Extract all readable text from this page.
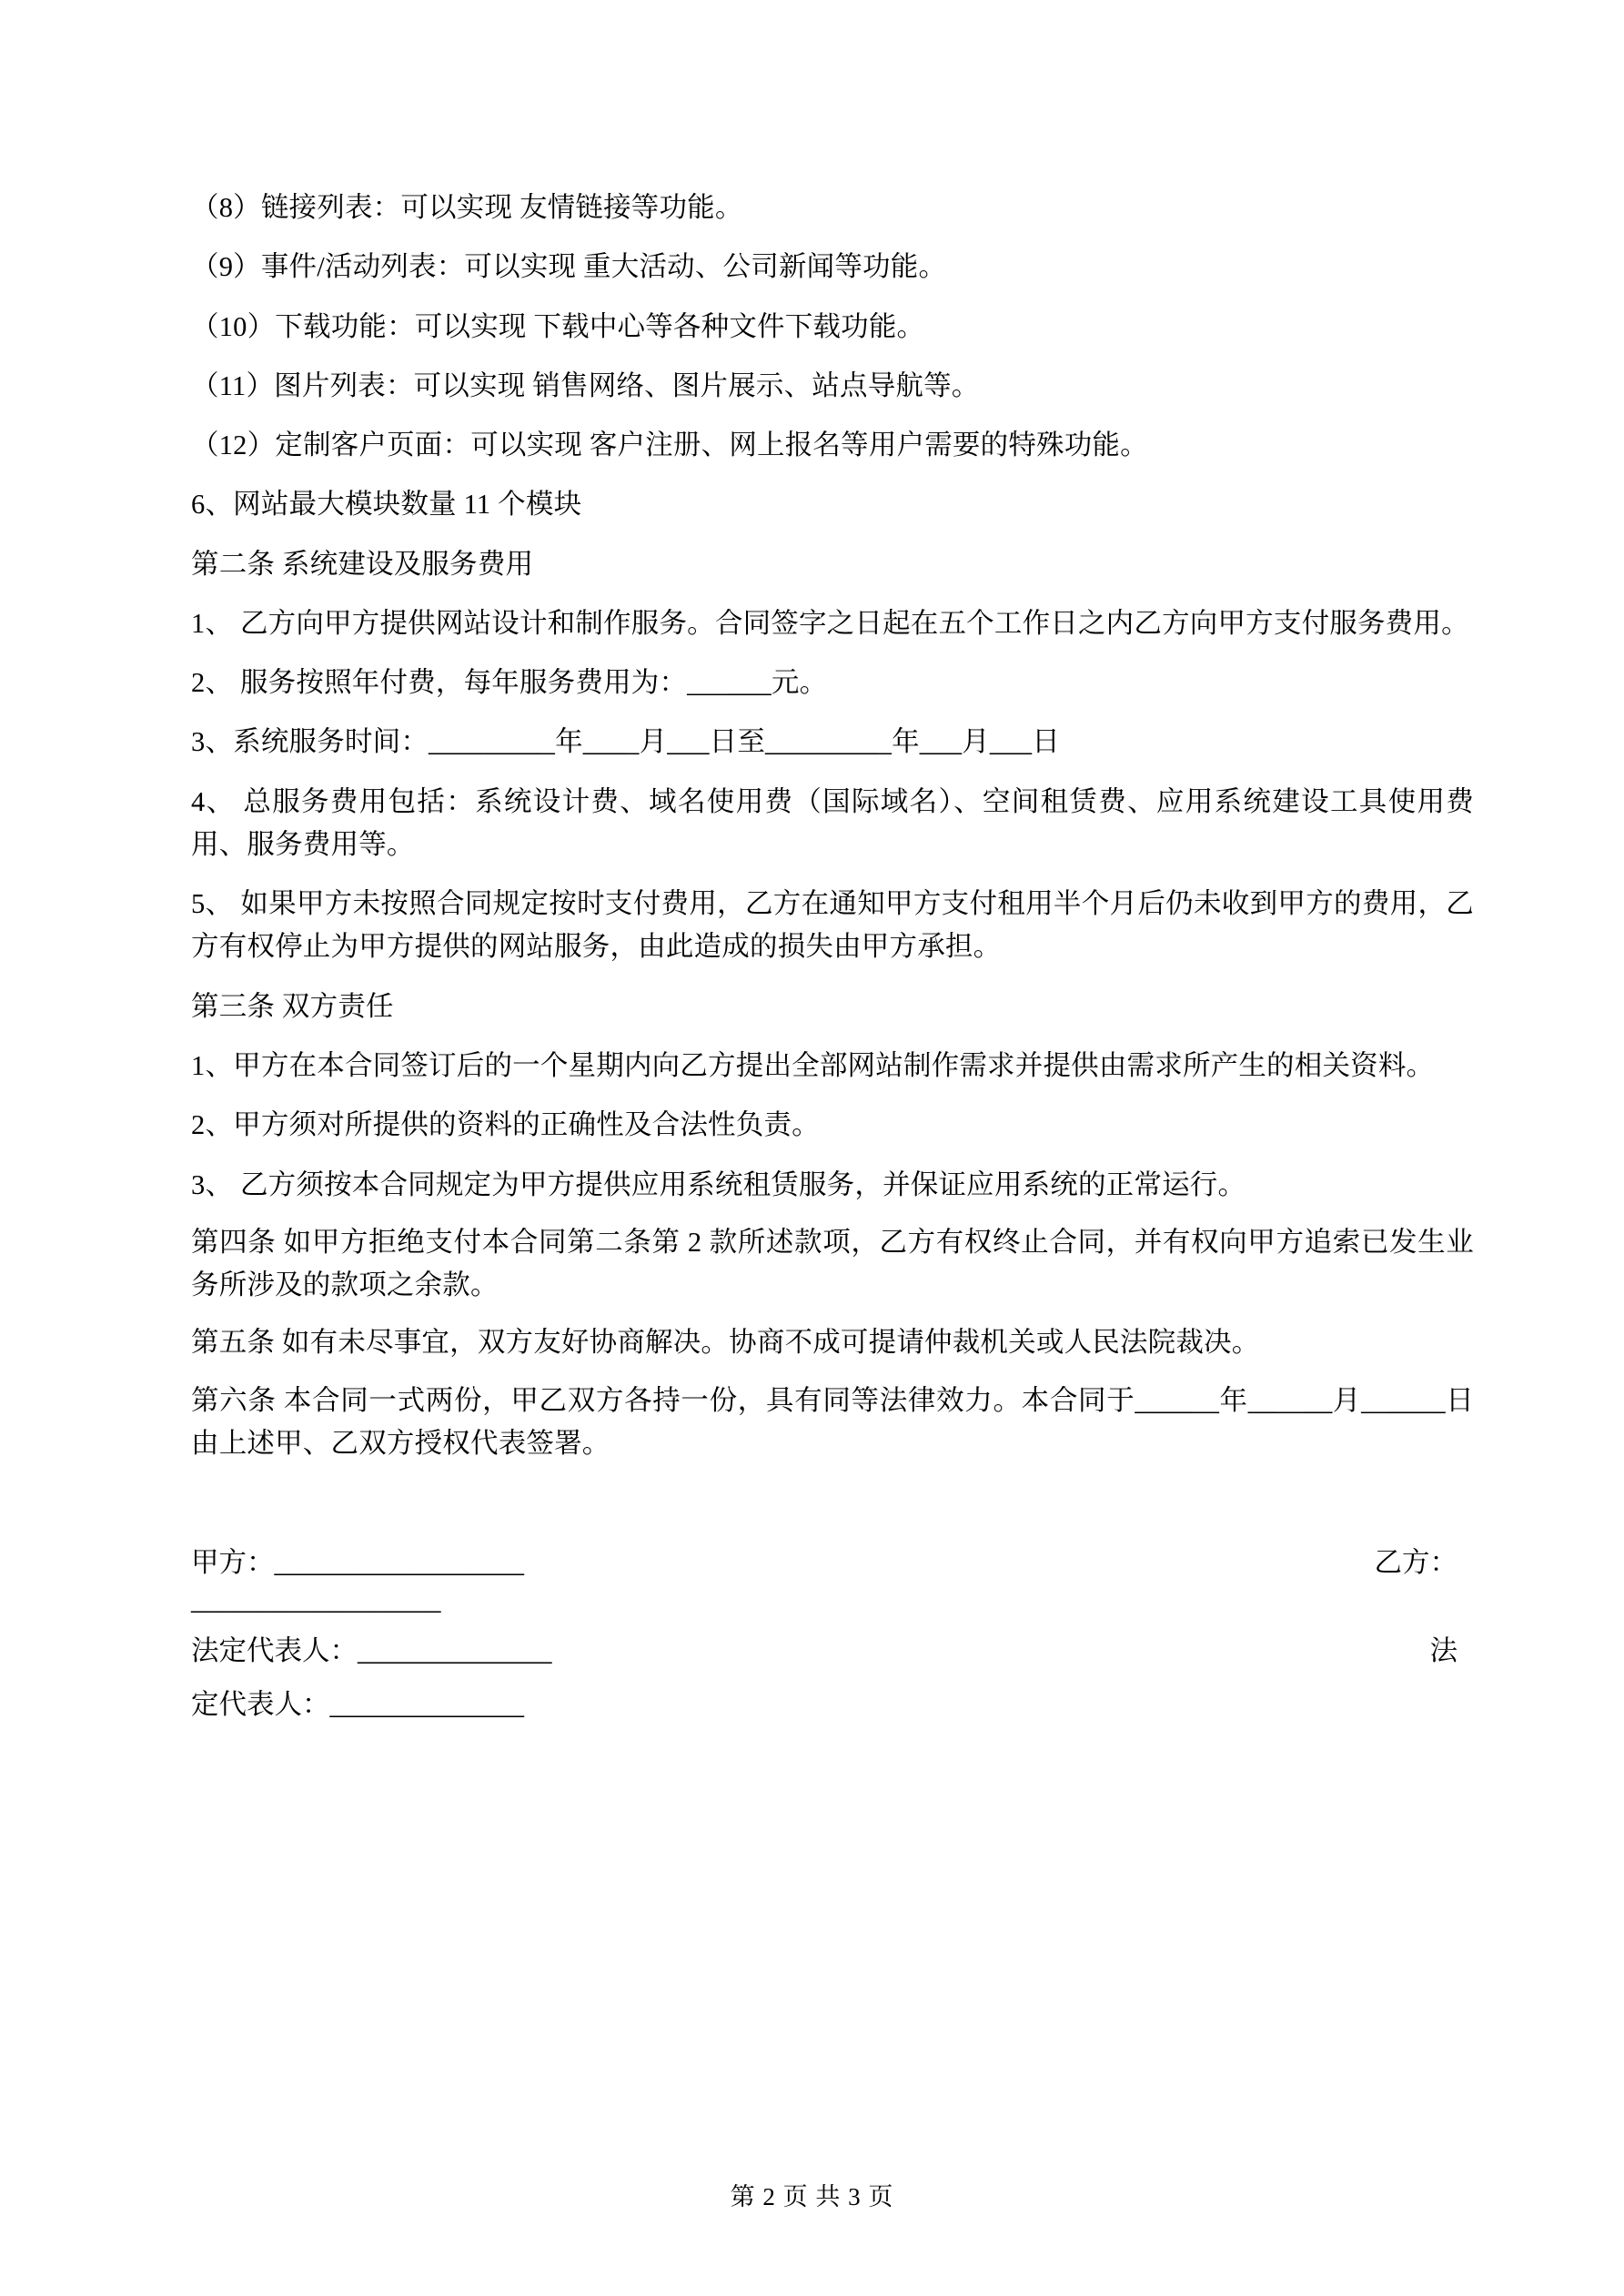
（8）链接列表：可以实现 友情链接等功能。

（9）事件/活动列表：可以实现 重大活动、公司新闻等功能。

（10）下载功能：可以实现 下载中心等各种文件下载功能。

（11）图片列表：可以实现 销售网络、图片展示、站点导航等。

（12）定制客户页面：可以实现 客户注册、网上报名等用户需要的特殊功能。

6、网站最大模块数量 11 个模块

第二条 系统建设及服务费用

1、 乙方向甲方提供网站设计和制作服务。合同签字之日起在五个工作日之内乙方向甲方支付服务费用。

2、 服务按照年付费，每年服务费用为：______元。

3、系统服务时间：_________年____月___日至_________年___月___日

4、 总服务费用包括：系统设计费、域名使用费（国际域名）、空间租赁费、应用系统建设工具使用费用、服务费用等。

5、 如果甲方未按照合同规定按时支付费用，乙方在通知甲方支付租用半个月后仍未收到甲方的费用，乙方有权停止为甲方提供的网站服务，由此造成的损失由甲方承担。

第三条 双方责任

1、甲方在本合同签订后的一个星期内向乙方提出全部网站制作需求并提供由需求所产生的相关资料。

2、甲方须对所提供的资料的正确性及合法性负责。

3、 乙方须按本合同规定为甲方提供应用系统租赁服务，并保证应用系统的正常运行。

第四条 如甲方拒绝支付本合同第二条第 2 款所述款项，乙方有权终止合同，并有权向甲方追索已发生业务所涉及的款项之余款。

第五条 如有未尽事宜，双方友好协商解决。协商不成可提请仲裁机关或人民法院裁决。

第六条 本合同一式两份，甲乙双方各持一份，具有同等法律效力。本合同于______年______月______日由上述甲、乙双方授权代表签署。

甲方：__________________	乙方：
__________________
法定代表人：______________	法
定代表人：______________
第 2 页 共 3 页
